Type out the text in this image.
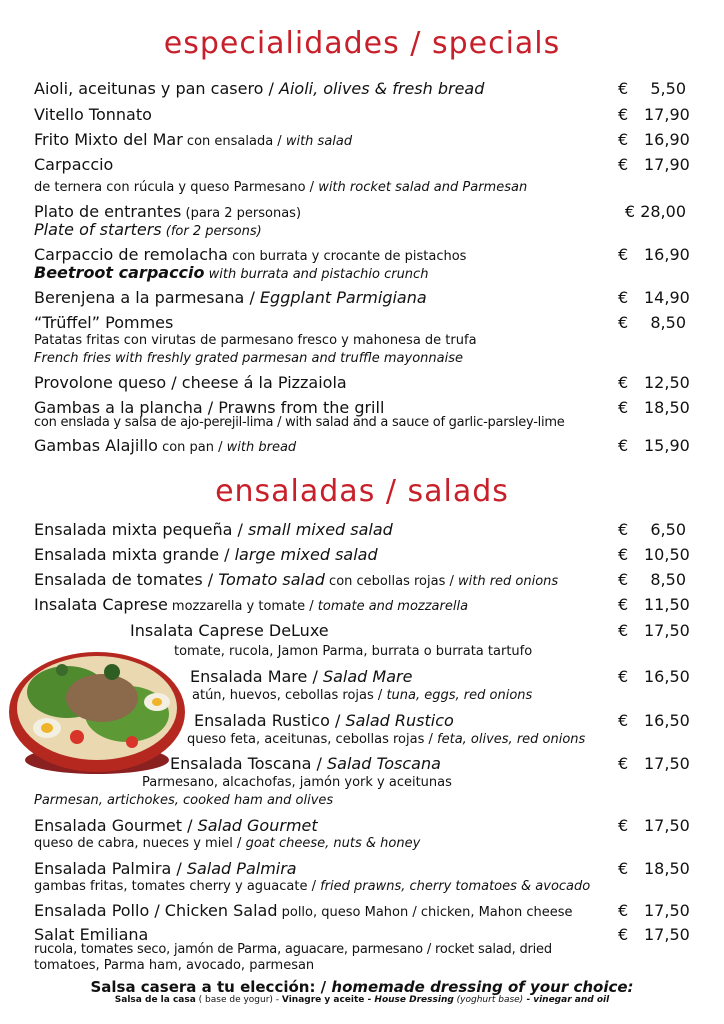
especialidades / specials
Aioli, aceitunas y pan casero / Aioli, olives & fresh bread	€ 5,50
Vitello Tonnato	€ 17,90
Frito Mixto del Mar con ensalada / with salad	€ 16,90
Carpaccio	€ 17,90
de ternera con rúcula y queso Parmesano / with rocket salad and Parmesan
Plato de entrantes (para 2 personas)	€ 28,00
Plate of starters (for 2 persons)
Carpaccio de remolacha con burrata y crocante de pistachos	€ 16,90
Beetroot carpaccio with burrata and pistachio crunch
Berenjena a la parmesana / Eggplant Parmigiana	€ 14,90
“Trüffel” Pommes	€ 8,50
Patatas fritas con virutas de parmesano fresco y mahonesa de trufa
French fries with freshly grated parmesan and truffle mayonnaise
Provolone queso / cheese á la Pizzaiola	€ 12,50
Gambas a la plancha / Prawns from the grill	€ 18,50
con enslada y salsa de ajo-perejil-lima / with salad and a sauce of garlic-parsley-lime
Gambas Alajillo con pan / with bread	€ 15,90
ensaladas / salads
Ensalada mixta pequeña / small mixed salad	€ 6,50
Ensalada mixta grande / large mixed salad	€ 10,50
Ensalada de tomates / Tomato salad con cebollas rojas / with red onions	€ 8,50
Insalata Caprese mozzarella y tomate / tomate and mozzarella	€ 11,50
Insalata Caprese DeLuxe	€ 17,50
tomate, rucola, Jamon Parma, burrata o burrata tartufo
Ensalada Mare / Salad Mare	€ 16,50
atún, huevos, cebollas rojas / tuna, eggs, red onions
Ensalada Rustico / Salad Rustico	€ 16,50
queso feta, aceitunas, cebollas rojas / feta, olives, red onions
Ensalada Toscana / Salad Toscana	€ 17,50
Parmesano, alcachofas, jamón york y aceitunas
Parmesan, artichokes, cooked ham and olives
Ensalada Gourmet / Salad Gourmet	€ 17,50
queso de cabra, nueces y miel / goat cheese, nuts & honey
Ensalada Palmira / Salad Palmira	€ 18,50
gambas fritas, tomates cherry y aguacate / fried prawns, cherry tomatoes & avocado
Ensalada Pollo / Chicken Salad pollo, queso Mahon / chicken, Mahon cheese	€ 17,50
Salat Emiliana	€ 17,50
rucola, tomates seco, jamón de Parma, aguacare, parmesano / rocket salad, dried
tomatoes, Parma ham, avocado, parmesan
Salsa casera a tu elección: / homemade dressing of your choice:
Salsa de la casa ( base de yogur) - Vinagre y aceite - House Dressing (yoghurt base) - vinegar and oil
